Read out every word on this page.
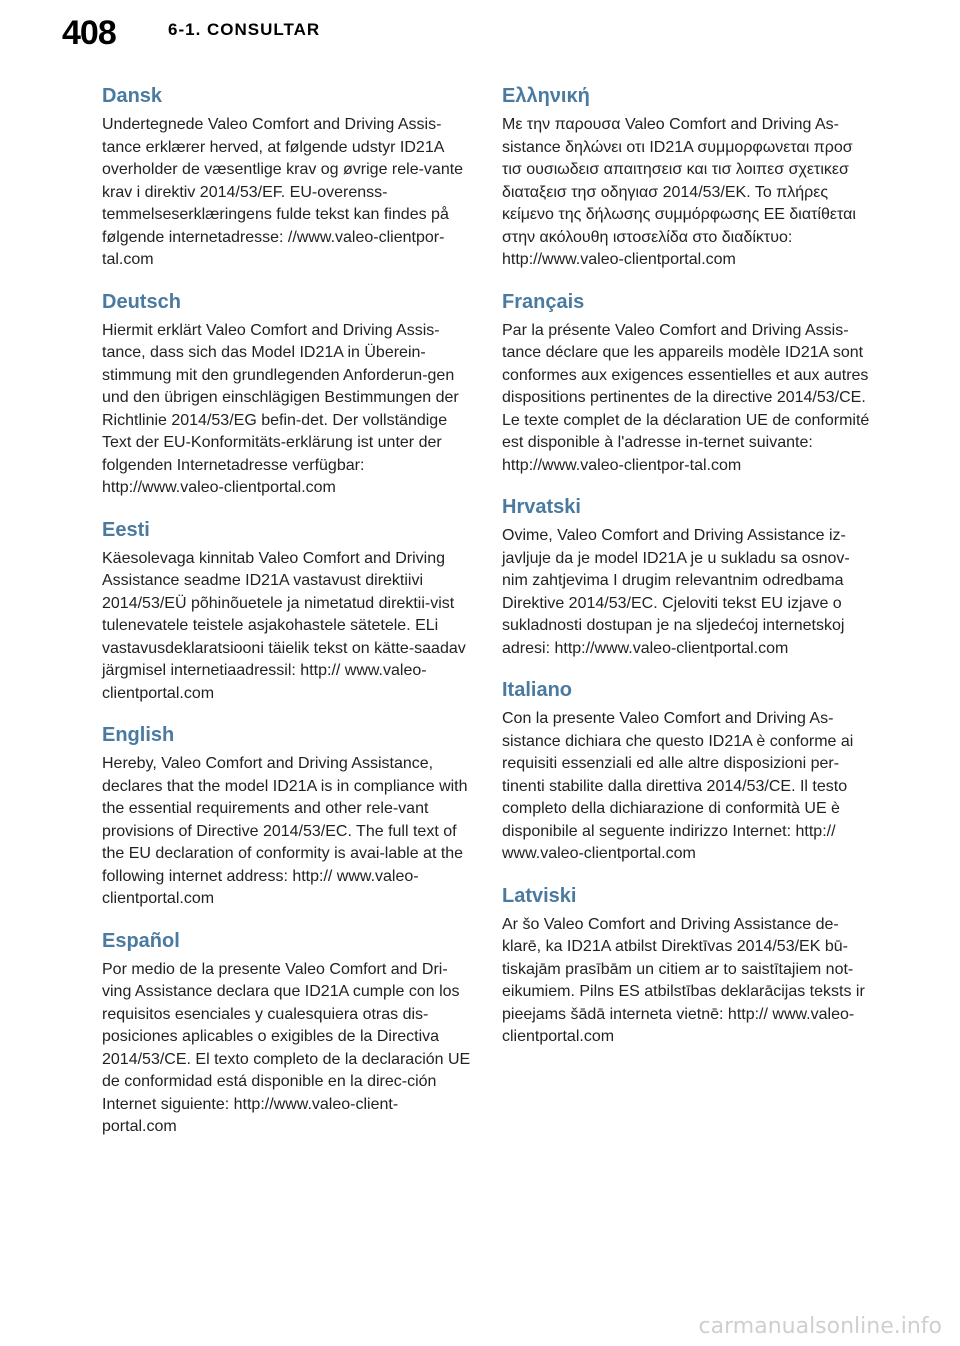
408	6-1. CONSULTAR
Dansk

Undertegnede Valeo Comfort and Driving Assis-tance erklærer herved, at følgende udstyr ID21A overholder de væsentlige krav og øvrige rele-vante krav i direktiv 2014/53/EF. EU-overenss-temmelseserklæringens fulde tekst kan findes på følgende internetadresse: //www.valeo-clientpor-tal.com

Deutsch

Hiermit erklärt Valeo Comfort and Driving Assis-tance, dass sich das Model ID21A in Überein-stimmung mit den grundlegenden Anforderun-gen und den übrigen einschlägigen Bestimmungen der Richtlinie 2014/53/EG befin-det. Der vollständige Text der EU-Konformitäts-erklärung ist unter der folgenden Internetadresse verfügbar: http://www.valeo-clientportal.com

Eesti

Käesolevaga kinnitab Valeo Comfort and Driving Assistance seadme ID21A vastavust direktiivi 2014/53/EÜ põhinõuetele ja nimetatud direktii-vist tulenevatele teistele asjakohastele sätetele. ELi vastavusdeklaratsiooni täielik tekst on kätte-saadav järgmisel internetiaadressil: http:// www.valeo-clientportal.com

English

Hereby, Valeo Comfort and Driving Assistance, declares that the model ID21A is in compliance with the essential requirements and other rele-vant provisions of Directive 2014/53/EC. The full text of the EU declaration of conformity is avai-lable at the following internet address: http:// www.valeo-clientportal.com

Español

Por medio de la presente Valeo Comfort and Dri-ving Assistance declara que ID21A cumple con los requisitos esenciales y cualesquiera otras dis-posiciones aplicables o exigibles de la Directiva 2014/53/CE. El texto completo de la declaración UE de conformidad está disponible en la direc-ción Internet siguiente: http://www.valeo-client-portal.com

Ελληνική

Με την παρουσα Valeo Comfort and Driving As-sistance δηλώνει οτι ID21A συμμορφωνεται προσ τισ ουσιωδεισ απαιτησεισ και τισ λοιπεσ σχετικεσ διαταξεισ τησ οδηγιασ 2014/53/ΕΚ. Το πλήρες κείμενο της δήλωσης συμμόρφωσης ΕΕ διατίθεται στην ακόλουθη ιστοσελίδα στο διαδίκτυο: http://www.valeo-clientportal.com

Français

Par la présente Valeo Comfort and Driving Assis-tance déclare que les appareils modèle ID21A sont conformes aux exigences essentielles et aux autres dispositions pertinentes de la directive 2014/53/CE. Le texte complet de la déclaration UE de conformité est disponible à l'adresse in-ternet suivante: http://www.valeo-clientpor-tal.com

Hrvatski

Ovime, Valeo Comfort and Driving Assistance iz-javljuje da je model ID21A je u sukladu sa osnov-nim zahtjevima I drugim relevantnim odredbama Direktive 2014/53/EC. Cjeloviti tekst EU izjave o sukladnosti dostupan je na sljedećoj internetskoj adresi: http://www.valeo-clientportal.com

Italiano

Con la presente Valeo Comfort and Driving As-sistance dichiara che questo ID21A è conforme ai requisiti essenziali ed alle altre disposizioni per-tinenti stabilite dalla direttiva 2014/53/CE. Il testo completo della dichiarazione di conformità UE è disponibile al seguente indirizzo Internet: http:// www.valeo-clientportal.com

Latviski

Ar šo Valeo Comfort and Driving Assistance de-klarē, ka ID21A atbilst Direktīvas 2014/53/EK bū-tiskajām prasībām un citiem ar to saistītajiem not-eikumiem. Pilns ES atbilstības deklarācijas teksts ir pieejams šādā interneta vietnē: http:// www.valeo-clientportal.com

carmanualsonline.info
